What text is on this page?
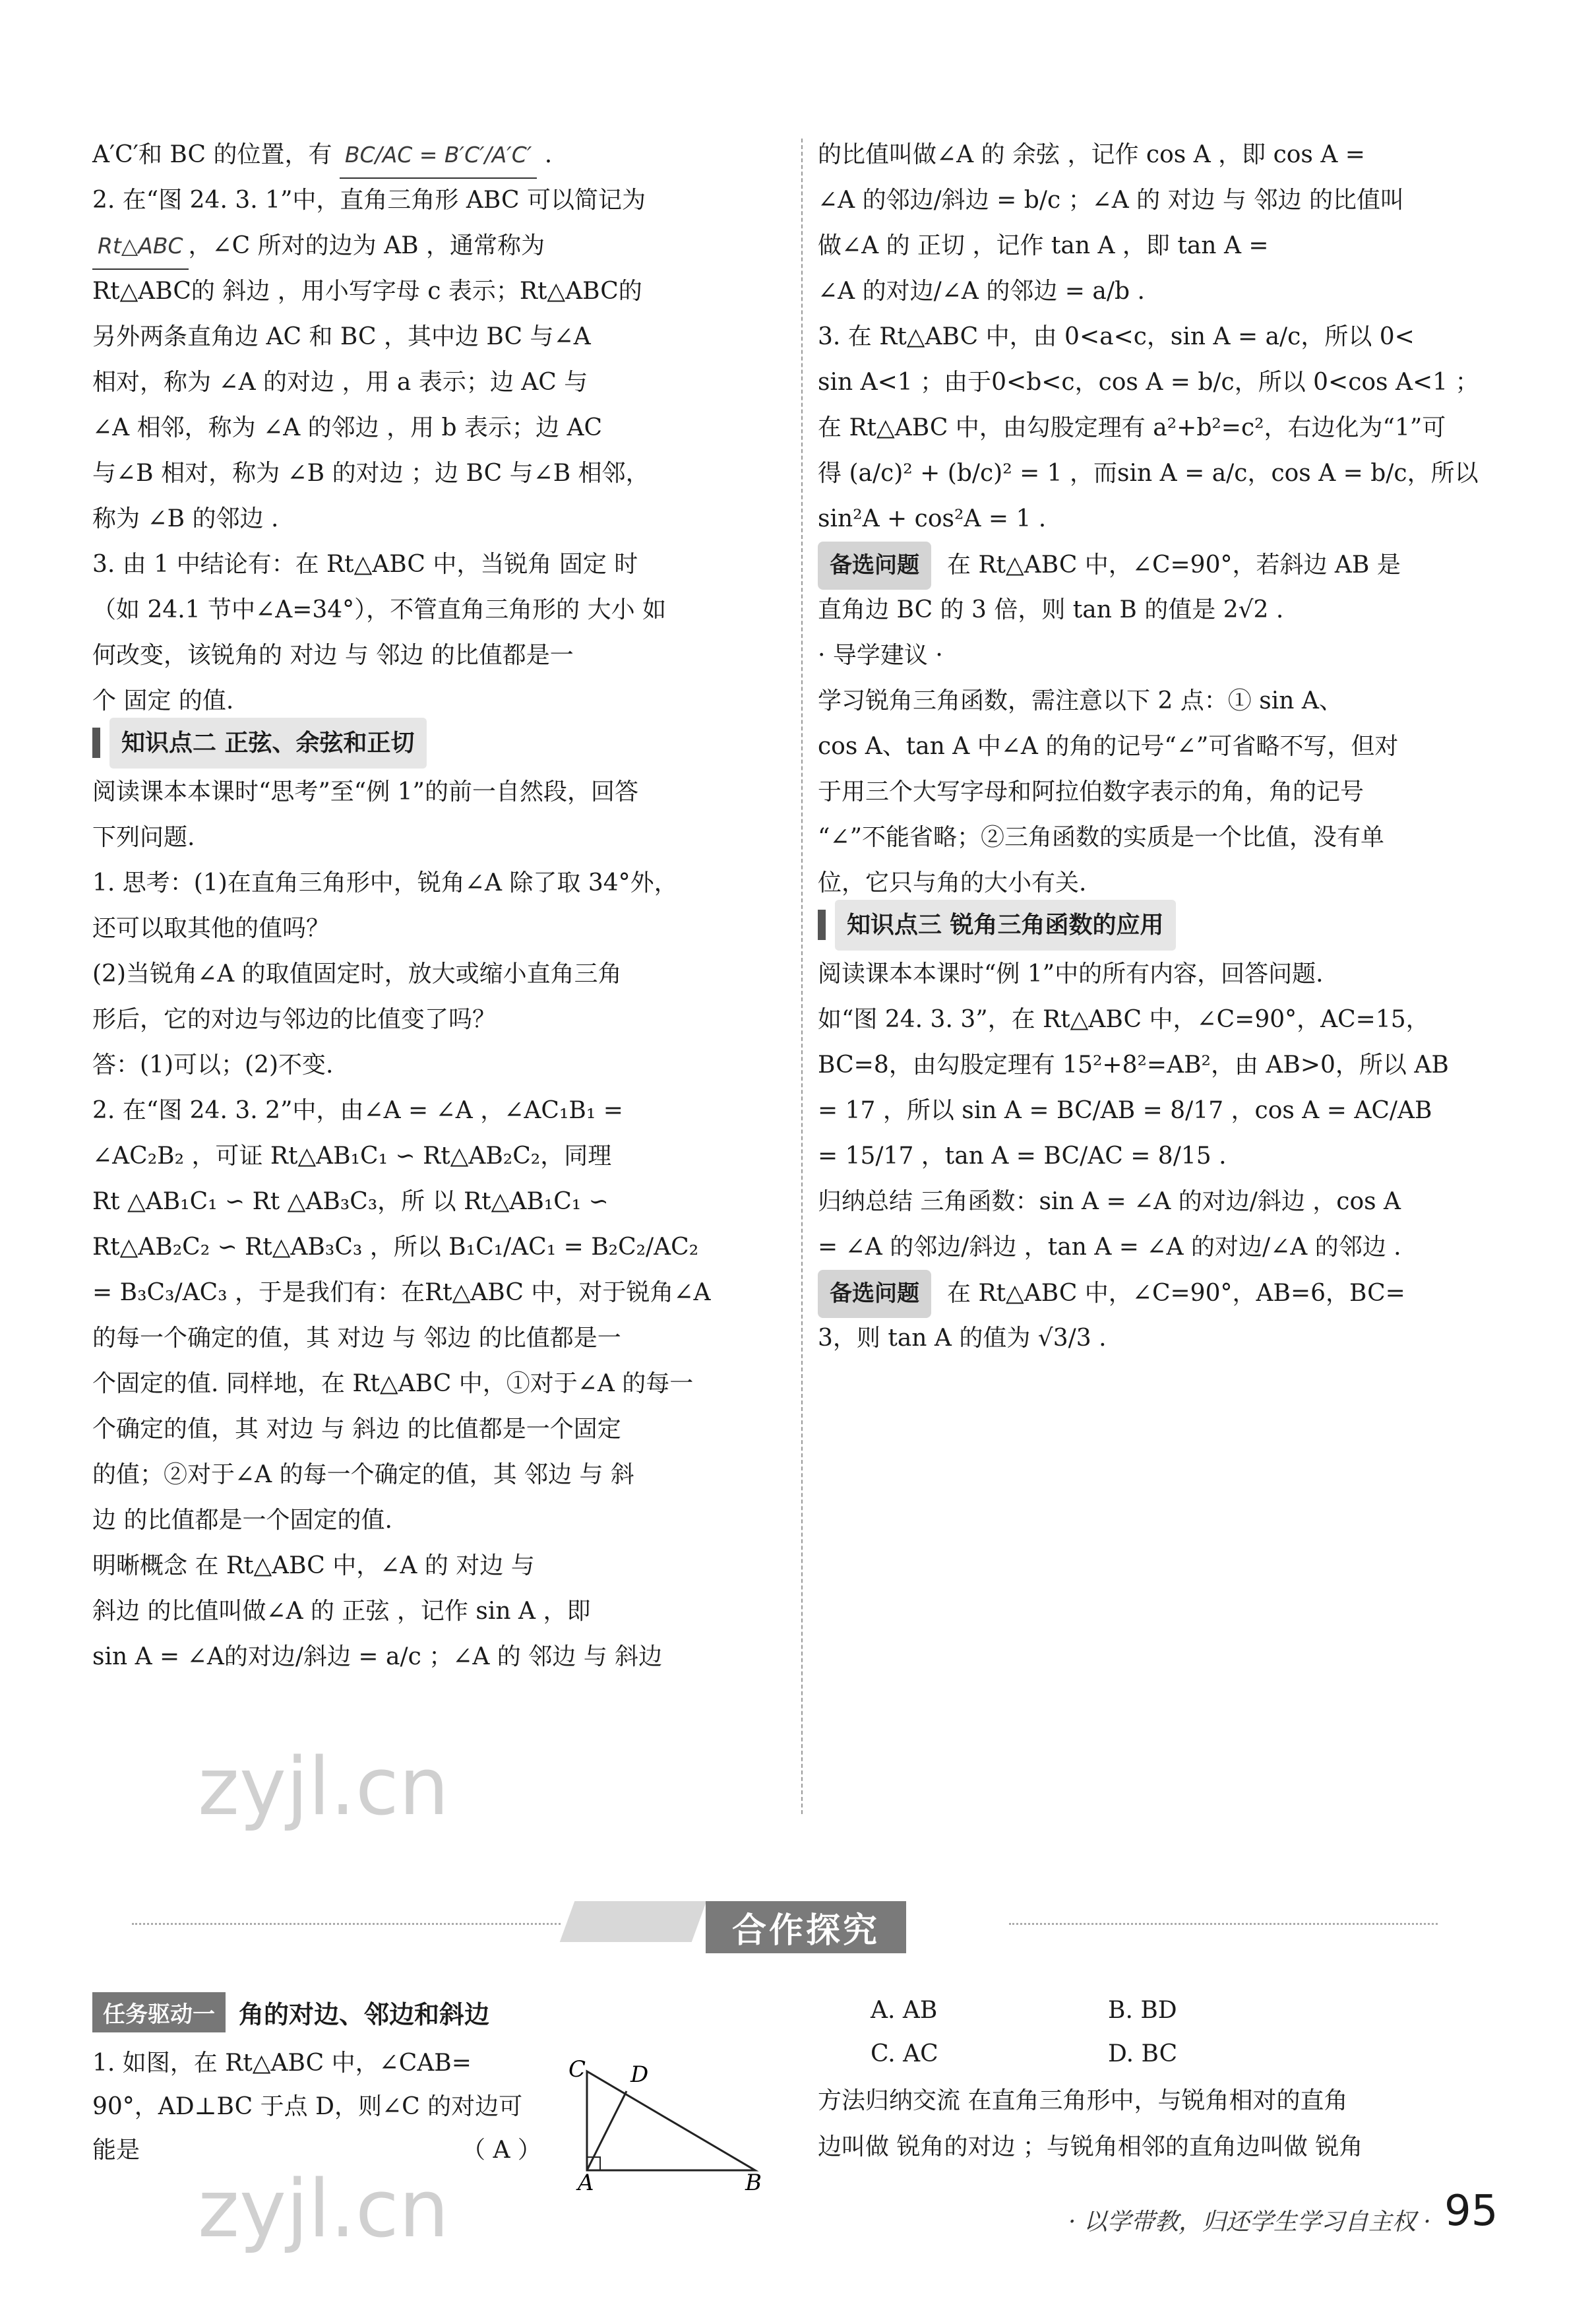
A′C′和 BC 的位置，有 BC/AC = B′C′/A′C′ .
2. 在“图 24. 3. 1”中，直角三角形 ABC 可以简记为
Rt△ABC ，∠C 所对的边为 AB ，通常称为
Rt△ABC的 斜边 ，用小写字母 c 表示；Rt△ABC的
另外两条直角边 AC 和 BC ，其中边 BC 与∠A
相对，称为 ∠A 的对边 ，用 a 表示；边 AC 与
∠A 相邻，称为 ∠A 的邻边 ，用 b 表示；边 AC
与∠B 相对，称为 ∠B 的对边 ；边 BC 与∠B 相邻，
称为 ∠B 的邻边 .
3. 由 1 中结论有：在 Rt△ABC 中，当锐角 固定 时
（如 24.1 节中∠A=34°），不管直角三角形的 大小 如
何改变，该锐角的 对边 与 邻边 的比值都是一
个 固定 的值.
阅读课本本课时“思考”至“例 1”的前一自然段，回答
下列问题.
1. 思考：(1)在直角三角形中，锐角∠A 除了取 34°外，
还可以取其他的值吗？
(2)当锐角∠A 的取值固定时，放大或缩小直角三角
形后，它的对边与邻边的比值变了吗？
答：(1)可以；(2)不变.
2. 在“图 24. 3. 2”中，由∠A = ∠A ，∠AC₁B₁ =
∠AC₂B₂ ，可证 Rt△AB₁C₁ ∽ Rt△AB₂C₂，同理
Rt △AB₁C₁ ∽ Rt △AB₃C₃，所 以 Rt△AB₁C₁ ∽
Rt△AB₂C₂ ∽ Rt△AB₃C₃ ，所以 B₁C₁/AC₁ = B₂C₂/AC₂
= B₃C₃/AC₃ ，于是我们有：在Rt△ABC 中，对于锐角∠A
的每一个确定的值，其 对边 与 邻边 的比值都是一
个固定的值. 同样地，在 Rt△ABC 中，①对于∠A 的每一
个确定的值，其 对边 与 斜边 的比值都是一个固定
的值；②对于∠A 的每一个确定的值，其 邻边 与 斜
边 的比值都是一个固定的值.
明晰概念 在 Rt△ABC 中，∠A 的 对边 与
斜边 的比值叫做∠A 的 正弦 ，记作 sin A ，即
sin A = ∠A的对边/斜边 = a/c ；∠A 的 邻边 与 斜边
知识点二 正弦、余弦和正切
的比值叫做∠A 的 余弦 ，记作 cos A ，即 cos A =
∠A 的邻边/斜边 = b/c ；∠A 的 对边 与 邻边 的比值叫
做∠A 的 正切 ，记作 tan A ，即 tan A =
∠A 的对边/∠A 的邻边 = a/b .
3. 在 Rt△ABC 中，由 0<a<c，sin A = a/c，所以 0<
sin A<1 ；由于0<b<c，cos A = b/c，所以 0<cos A<1 ；
在 Rt△ABC 中，由勾股定理有 a²+b²=c²，右边化为“1”可
得 (a/c)² + (b/c)² = 1 ，而sin A = a/c，cos A = b/c，所以
sin²A + cos²A = 1 .
备选问题 在 Rt△ABC 中，∠C=90°，若斜边 AB 是
直角边 BC 的 3 倍，则 tan B 的值是 2√2 .
· 导学建议 ·
学习锐角三角函数，需注意以下 2 点：① sin A、
cos A、tan A 中∠A 的角的记号“∠”可省略不写，但对
于用三个大写字母和阿拉伯数字表示的角，角的记号
“∠”不能省略；②三角函数的实质是一个比值，没有单
位，它只与角的大小有关.
阅读课本本课时“例 1”中的所有内容，回答问题.
如“图 24. 3. 3”，在 Rt△ABC 中，∠C=90°，AC=15，
BC=8，由勾股定理有 15²+8²=AB²，由 AB>0，所以 AB
= 17 ，所以 sin A = BC/AB = 8/17 ，cos A = AC/AB
= 15/17 ，tan A = BC/AC = 8/15 .
归纳总结 三角函数：sin A = ∠A 的对边/斜边 ，cos A
= ∠A 的邻边/斜边 ，tan A = ∠A 的对边/∠A 的邻边 .
备选问题 在 Rt△ABC 中，∠C=90°，AB=6，BC=
3，则 tan A 的值为 √3/3 .
知识点三 锐角三角函数的应用
合作探究
任务驱动一 角的对边、邻边和斜边
1. 如图，在 Rt△ABC 中，∠CAB=
90°，AD⊥BC 于点 D，则∠C 的对边可
能是	（ A ）
C D
A	B
A. AB	B. BD
C. AC	D. BC
方法归纳交流 在直角三角形中，与锐角相对的直角
边叫做 锐角的对边 ；与锐角相邻的直角边叫做 锐角
· 以学带教，归还学生学习自主权 · 95
zyjl.cn
zyjl.cn
